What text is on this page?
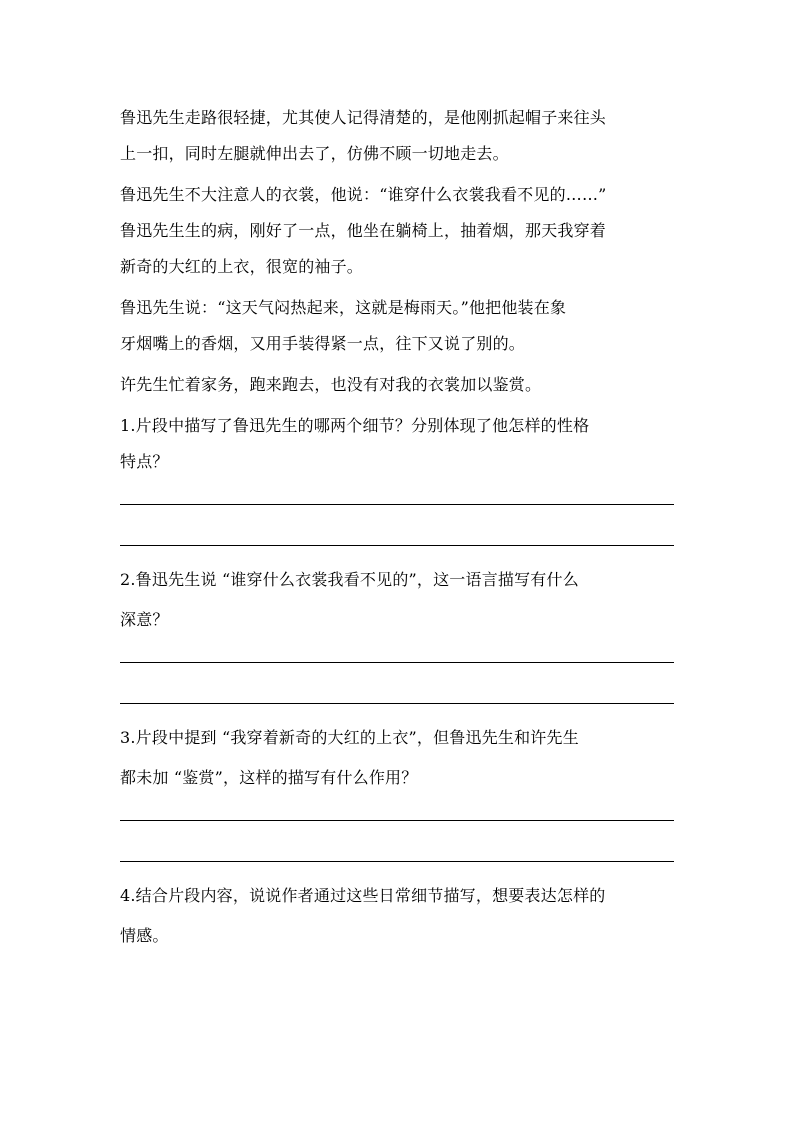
鲁迅先生走路很轻捷，尤其使人记得清楚的，是他刚抓起帽子来往头
上一扣，同时左腿就伸出去了，仿佛不顾一切地走去。
鲁迅先生不大注意人的衣裳，他说：“谁穿什么衣裳我看不见的……”
鲁迅先生生的病，刚好了一点，他坐在躺椅上，抽着烟，那天我穿着
新奇的大红的上衣，很宽的袖子。
鲁迅先生说：“这天气闷热起来，这就是梅雨天。”他把他装在象
牙烟嘴上的香烟，又用手装得紧一点，往下又说了别的。
许先生忙着家务，跑来跑去，也没有对我的衣裳加以鉴赏。
1.片段中描写了鲁迅先生的哪两个细节？分别体现了他怎样的性格
特点？
2.鲁迅先生说 “谁穿什么衣裳我看不见的”，这一语言描写有什么
深意？
3.片段中提到 “我穿着新奇的大红的上衣”，但鲁迅先生和许先生
都未加 “鉴赏”，这样的描写有什么作用？
4.结合片段内容，说说作者通过这些日常细节描写，想要表达怎样的
情感。
